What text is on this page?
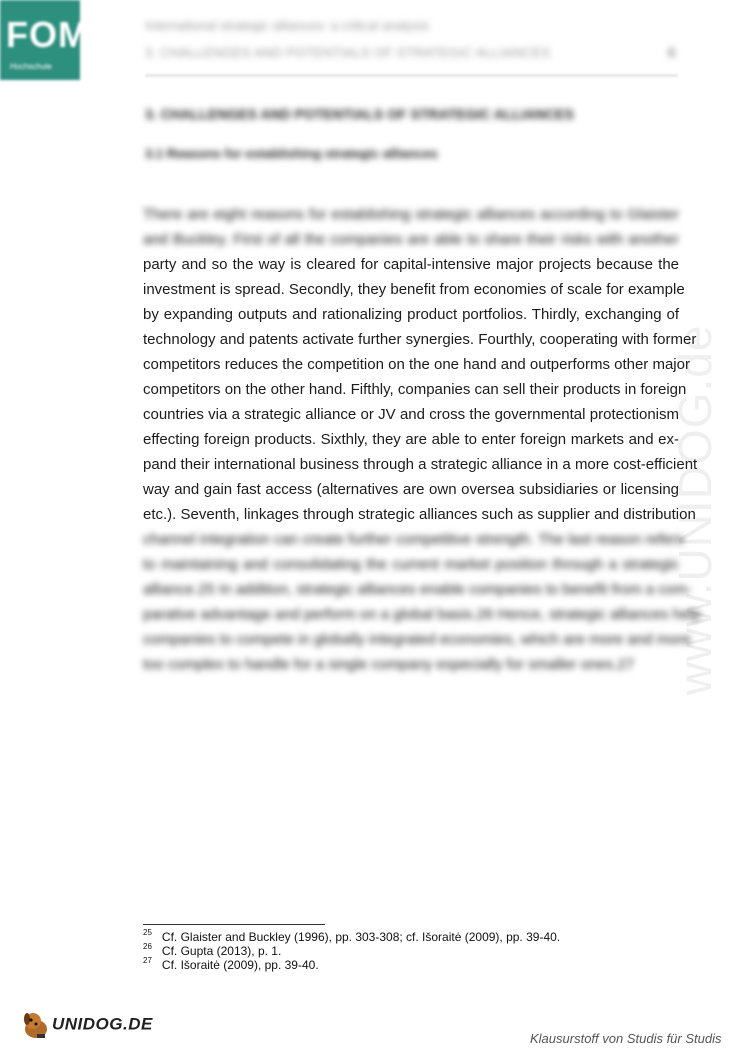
FOM
Hochschule
International strategic alliances: a critical analysis
3. CHALLENGES AND POTENTIALS OF STRATEGIC ALLIANCES	6
www.UNIDOG.de
3. CHALLENGES AND POTENTIALS OF STRATEGIC ALLIANCES
3.1 Reasons for establishing strategic alliances
There are eight reasons for establishing strategic alliances according to Glaister
and Buckley. First of all the companies are able to share their risks with another
party and so the way is cleared for capital-intensive major projects because the
investment is spread. Secondly, they benefit from economies of scale for example
by expanding outputs and rationalizing product portfolios. Thirdly, exchanging of
technology and patents activate further synergies. Fourthly, cooperating with former
competitors reduces the competition on the one hand and outperforms other major
competitors on the other hand. Fifthly, companies can sell their products in foreign
countries via a strategic alliance or JV and cross the governmental protectionism
effecting foreign products. Sixthly, they are able to enter foreign markets and ex-
pand their international business through a strategic alliance in a more cost-efficient
way and gain fast access (alternatives are own oversea subsidiaries or licensing
etc.). Seventh, linkages through strategic alliances such as supplier and distribution
channel integration can create further competitive strength. The last reason refers
to maintaining and consolidating the current market position through a strategic
alliance.25 In addition, strategic alliances enable companies to benefit from a com-
parative advantage and perform on a global basis.26 Hence, strategic alliances help
companies to compete in globally integrated economies, which are more and more
too complex to handle for a single company especially for smaller ones.27
$^{25}$ Cf. Glaister and Buckley (1996), pp. 303-308; cf. Išoraitė (2009), pp. 39-40.
$^{26}$ Cf. Gupta (2013), p. 1.
$^{27}$ Cf. Išoraitė (2009), pp. 39-40.
UNIDOG.DE
Klausurstoff von Studis für Studis
